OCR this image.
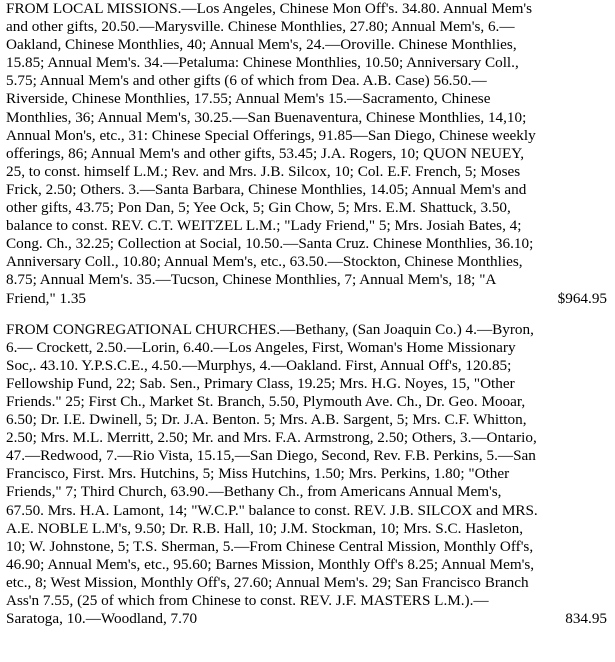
FROM LOCAL MISSIONS.—Los Angeles, Chinese Mon Off's. 34.80. Annual Mem's and other gifts, 20.50.—Marysville. Chinese Monthlies, 27.80; Annual Mem's, 6.—Oakland, Chinese Monthlies, 40; Annual Mem's, 24.—Oroville. Chinese Monthlies, 15.85; Annual Mem's. 34.—Petaluma: Chinese Monthlies, 10.50; Anniversary Coll., 5.75; Annual Mem's and other gifts (6 of which from Dea. A.B. Case) 56.50.—Riverside, Chinese Monthlies, 17.55; Annual Mem's 15.—Sacramento, Chinese Monthlies, 36; Annual Mem's, 30.25.—San Buenaventura, Chinese Monthlies, 14,10; Annual Mon's, etc., 31: Chinese Special Offerings, 91.85—San Diego, Chinese weekly offerings, 86; Annual Mem's and other gifts, 53.45; J.A. Rogers, 10; QUON NEUEY, 25, to const. himself L.M.; Rev. and Mrs. J.B. Silcox, 10; Col. E.F. French, 5; Moses Frick, 2.50; Others. 3.—Santa Barbara, Chinese Monthlies, 14.05; Annual Mem's and other gifts, 43.75; Pon Dan, 5; Yee Ock, 5; Gin Chow, 5; Mrs. E.M. Shattuck, 3.50, balance to const. REV. C.T. WEITZEL L.M.; "Lady Friend," 5; Mrs. Josiah Bates, 4; Cong. Ch., 32.25; Collection at Social, 10.50.—Santa Cruz. Chinese Monthlies, 36.10; Anniversary Coll., 10.80; Annual Mem's, etc., 63.50.—Stockton, Chinese Monthlies, 8.75; Annual Mem's. 35.—Tucson, Chinese Monthlies, 7; Annual Mem's, 18; "A Friend," 1.35	$964.95

FROM CONGREGATIONAL CHURCHES.—Bethany, (San Joaquin Co.) 4.—Byron, 6.— Crockett, 2.50.—Lorin, 6.40.—Los Angeles, First, Woman's Home Missionary Soc,. 43.10. Y.P.S.C.E., 4.50.—Murphys, 4.—Oakland. First, Annual Off's, 120.85; Fellowship Fund, 22; Sab. Sen., Primary Class, 19.25; Mrs. H.G. Noyes, 15, "Other Friends." 25; First Ch., Market St. Branch, 5.50, Plymouth Ave. Ch., Dr. Geo. Mooar, 6.50; Dr. I.E. Dwinell, 5; Dr. J.A. Benton. 5; Mrs. A.B. Sargent, 5; Mrs. C.F. Whitton, 2.50; Mrs. M.L. Merritt, 2.50; Mr. and Mrs. F.A. Armstrong, 2.50; Others, 3.—Ontario, 47.—Redwood, 7.—Rio Vista, 15.15,—San Diego, Second, Rev. F.B. Perkins, 5.—San Francisco, First. Mrs. Hutchins, 5; Miss Hutchins, 1.50; Mrs. Perkins, 1.80; "Other Friends," 7; Third Church, 63.90.—Bethany Ch., from Americans Annual Mem's, 67.50. Mrs. H.A. Lamont, 14; "W.C.P." balance to const. REV. J.B. SILCOX and MRS. A.E. NOBLE L.M's, 9.50; Dr. R.B. Hall, 10; J.M. Stockman, 10; Mrs. S.C. Hasleton, 10; W. Johnstone, 5; T.S. Sherman, 5.—From Chinese Central Mission, Monthly Off's, 46.90; Annual Mem's, etc., 95.60; Barnes Mission, Monthly Off's 8.25; Annual Mem's, etc., 8; West Mission, Monthly Off's, 27.60; Annual Mem's. 29; San Francisco Branch Ass'n 7.55, (25 of which from Chinese to const. REV. J.F. MASTERS L.M.).—Saratoga, 10.—Woodland, 7.70	834.95
